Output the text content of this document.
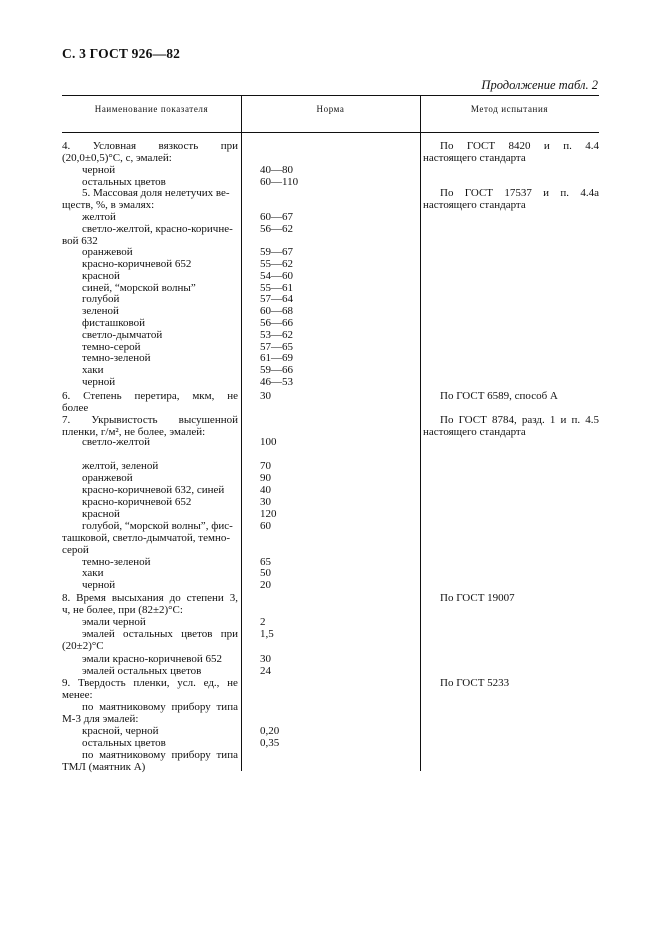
С. 3 ГОСТ 926—82
Продолжение табл. 2
Наименование показателя	Норма	Метод испытания
4. Условная вязкость при
(20,0±0,5)°С, с, эмалей:
черной
остальных цветов
5. Массовая доля нелетучих ве-
ществ, %, в эмалях:
желтой
светло-желтой, красно-коричне-
вой 632
оранжевой
красно-коричневой 652
красной
синей, “морской волны”
голубой
зеленой
фисташковой
светло-дымчатой
темно-серой
темно-зеленой
хаки
черной
6. Степень перетира, мкм, не
более
7. Укрывистость высушенной
пленки, г/м², не более, эмалей:
светло-желтой
желтой, зеленой
оранжевой
красно-коричневой 632, синей
красно-коричневой 652
красной
голубой, “морской волны”, фис-
ташковой, светло-дымчатой, темно-
серой
темно-зеленой
хаки
черной
8. Время высыхания до степени 3,
ч, не более, при (82±2)°С:
эмали черной
эмалей остальных цветов при
(20±2)°С
эмали красно-коричневой 652
эмалей остальных цветов
9. Твердость пленки, усл. ед., не
менее:
по маятниковому прибору типа
М-3 для эмалей:
красной, черной
остальных цветов
по маятниковому прибору типа
ТМЛ (маятник А)
40—80
60—110
60—67
56—62
59—67
55—62
54—60
55—61
57—64
60—68
56—66
53—62
57—65
61—69
59—66
46—53
30
100
70
90
40
30
120
60
65
50
20
2
1,5
30
24
0,20
0,35
По ГОСТ 8420 и п. 4.4
настоящего стандарта
По ГОСТ 17537 и п. 4.4а
настоящего стандарта
По ГОСТ 6589, способ А
По ГОСТ 8784, разд. 1 и п. 4.5
настоящего стандарта
По ГОСТ 19007
По ГОСТ 5233
